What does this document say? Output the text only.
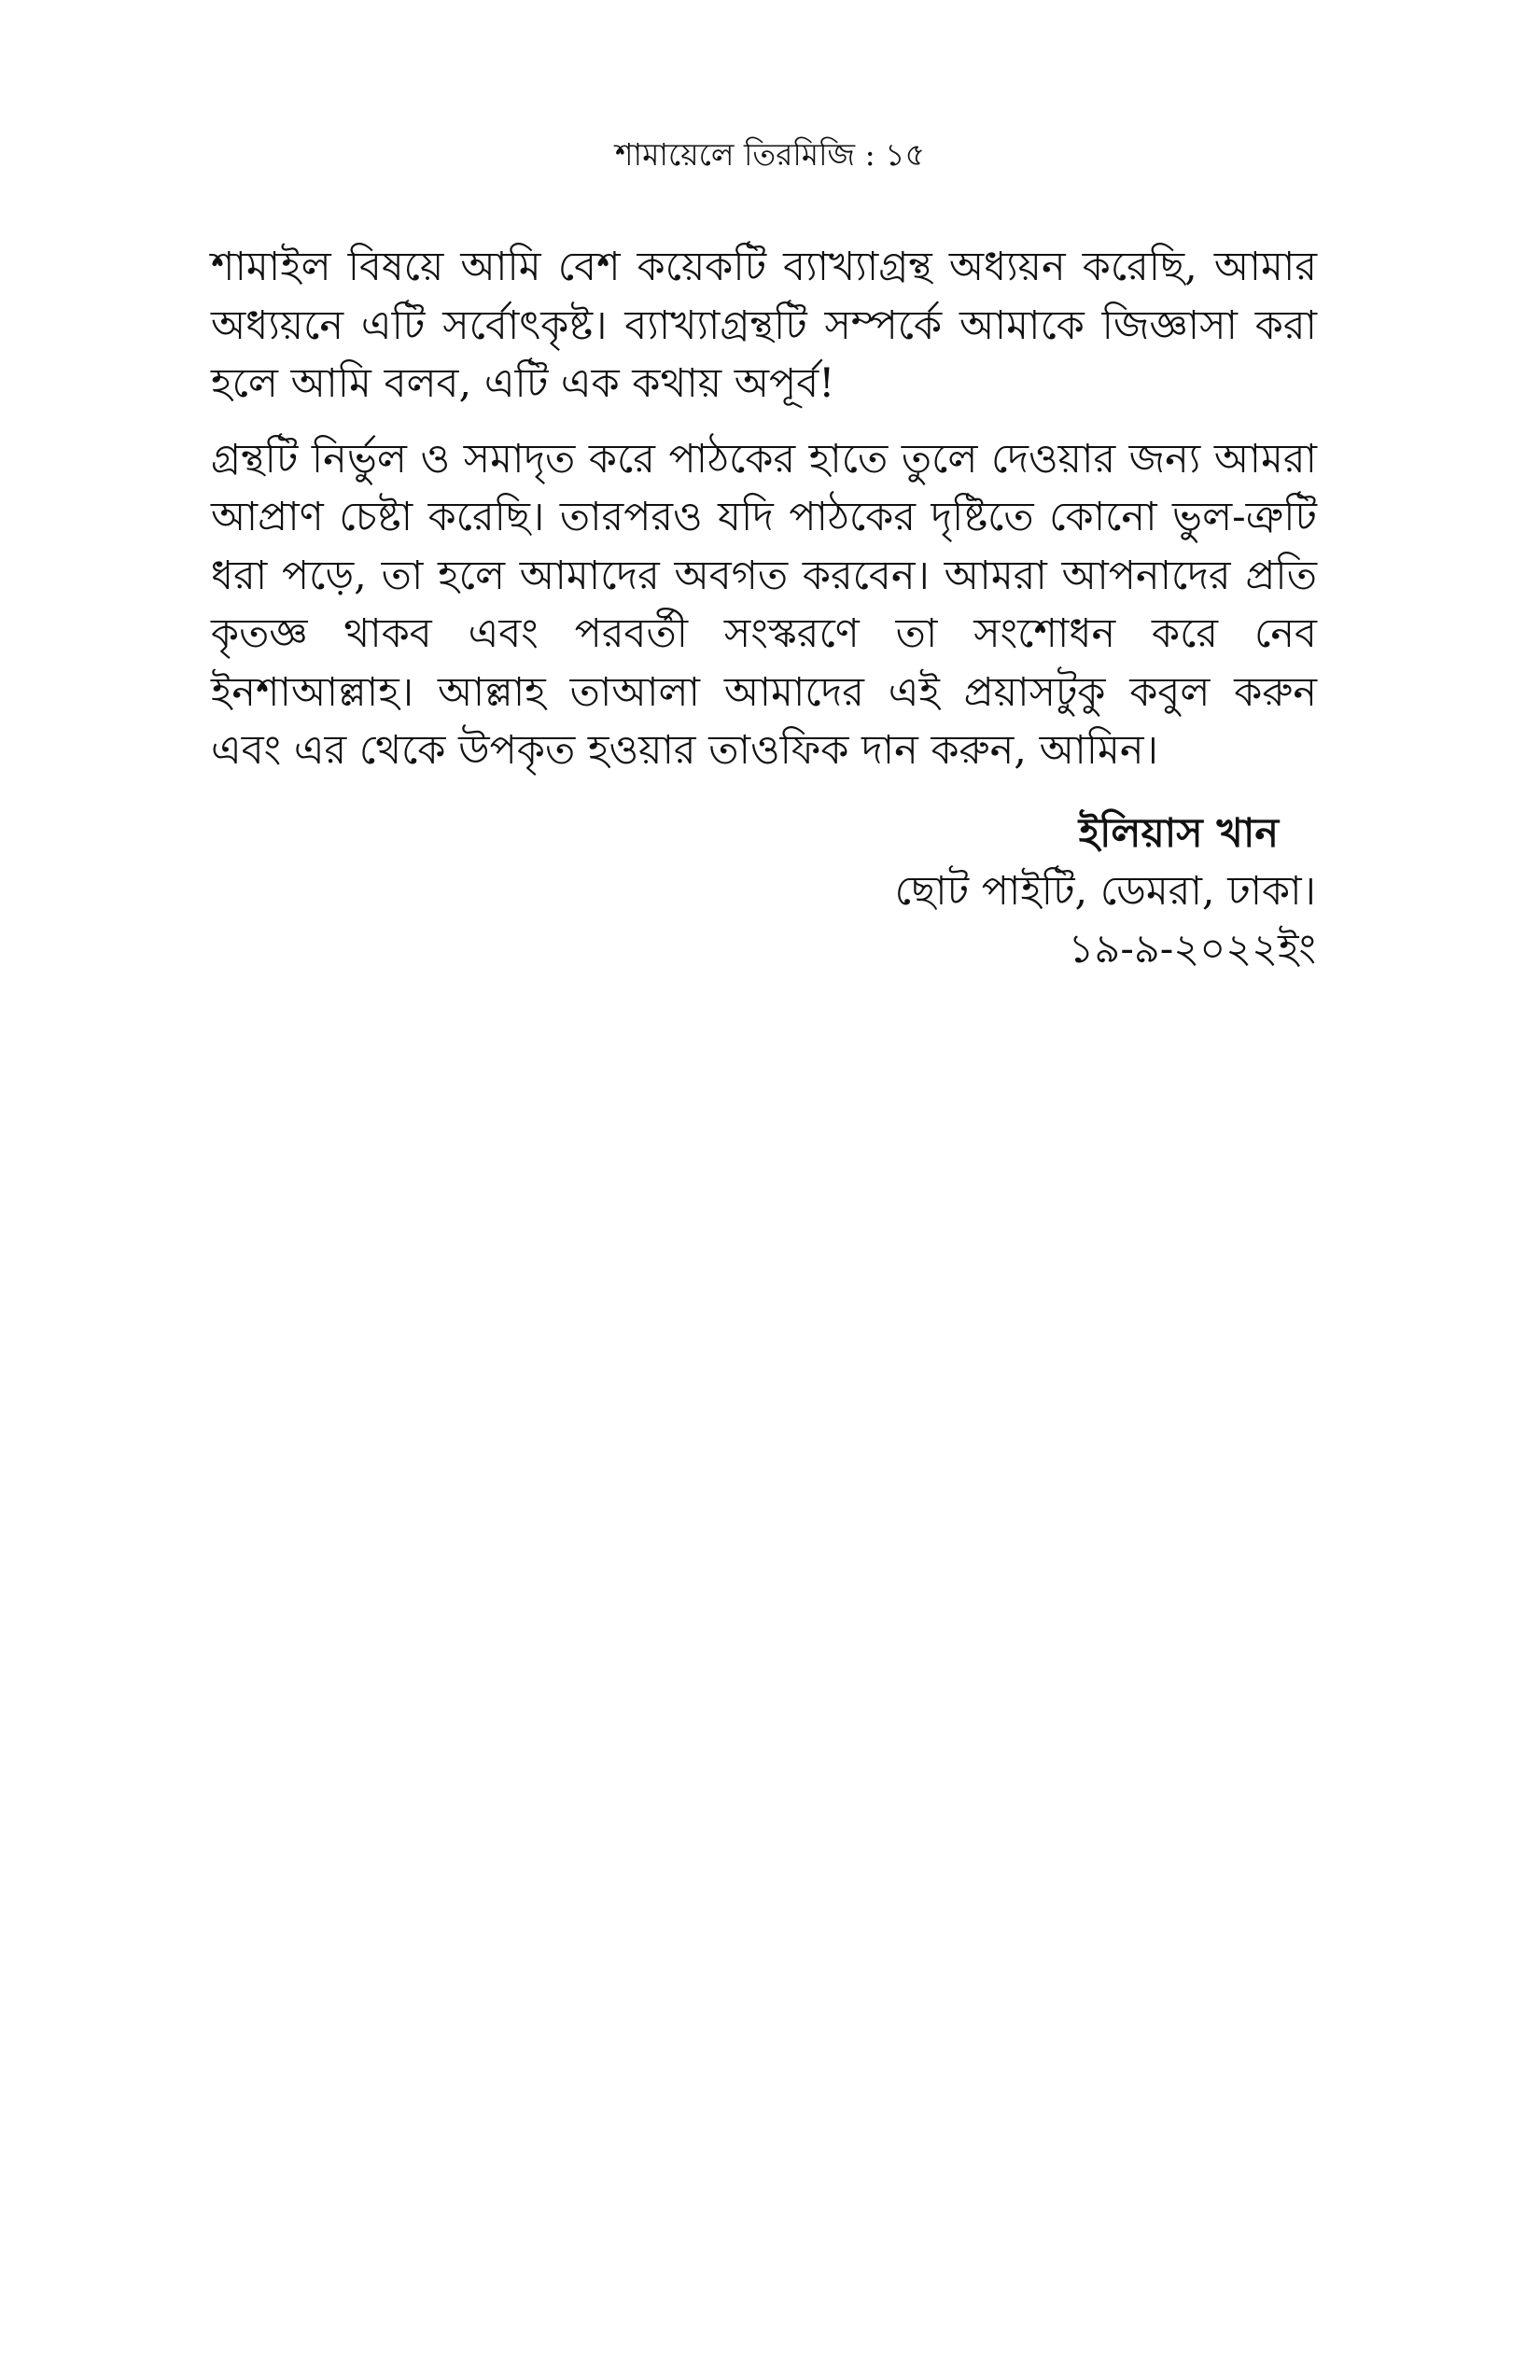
শামায়েলে তিরমিজি : ১৫

শামাইল বিষয়ে আমি বেশ কয়েকটি ব্যাখ্যাগ্রন্থ অধ্যয়ন করেছি, আমার অধ্যয়নে এটি সর্বোৎকৃষ্ট। ব্যাখ্যাগ্রন্থটি সম্পর্কে আমাকে জিজ্ঞাসা করা হলে আমি বলব, এটি এক কথায় অপূর্ব!

গ্রন্থটি নির্ভুল ও সমাদৃত করে পাঠকের হাতে তুলে দেওয়ার জন্য আমরা আপ্রাণ চেষ্টা করেছি। তারপরও যদি পাঠকের দৃষ্টিতে কোনো ভুল-ত্রুটি ধরা পড়ে, তা হলে আমাদের অবগত করবেন। আমরা আপনাদের প্রতি কৃতজ্ঞ থাকব এবং পরবর্তী সংস্করণে তা সংশোধন করে নেব ইনশাআল্লাহ। আল্লাহ তাআলা আমাদের এই প্রয়াসটুকু কবুল করুন এবং এর থেকে উপকৃত হওয়ার তাওফিক দান করুন, আমিন।

ইলিয়াস খান
ছোট পাইটি, ডেমরা, ঢাকা।
১৯-৯-২০২২ইং
